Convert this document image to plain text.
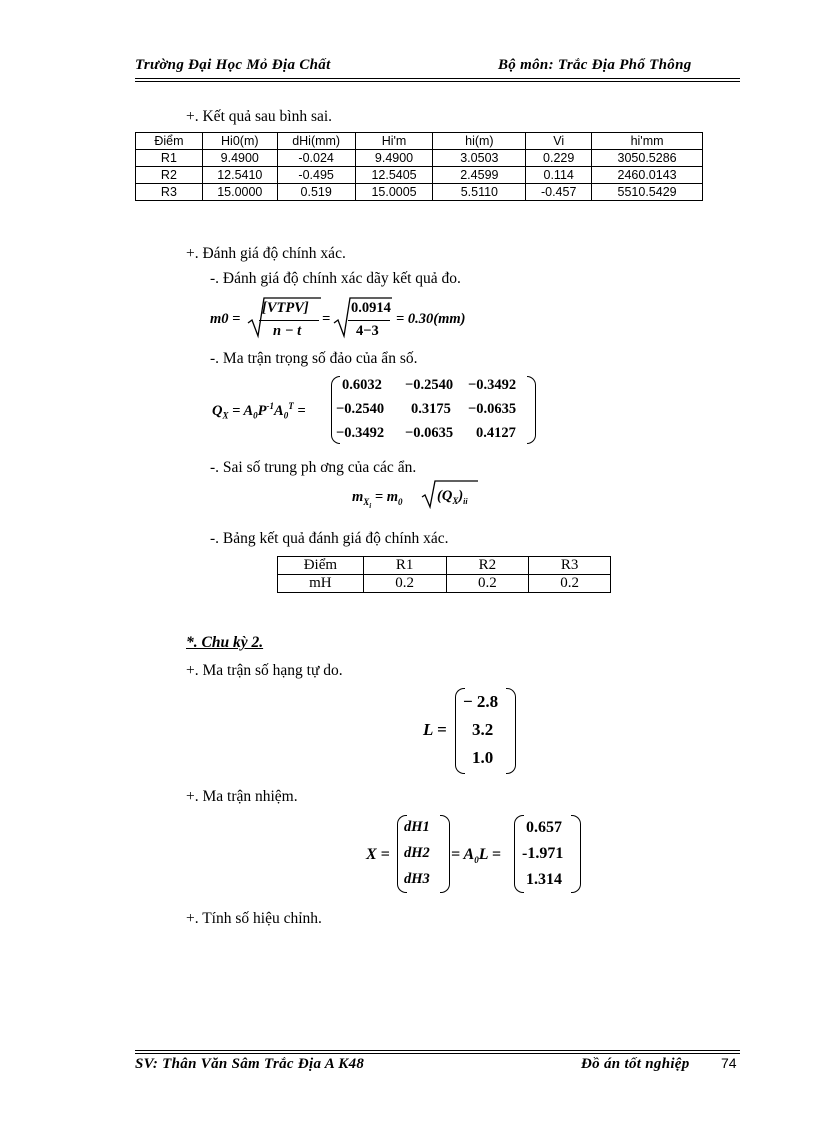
Trường Đại Học Mỏ Địa Chất	Bộ môn: Trắc Địa Phổ Thông
+. Kết quả sau bình sai.
Điểm	Hi0(m)	dHi(mm)	Hi'm	hi(m)	Vi	hi'mm
R1	9.4900	-0.024	9.4900	3.0503	0.229	3050.5286
R2	12.5410	-0.495	12.5405	2.4599	0.114	2460.0143
R3	15.0000	0.519	15.0005	5.5110	-0.457	5510.5429
+. Đánh giá độ chính xác.
-. Đánh giá độ chính xác dãy kết quả đo.
m0 =
[VTPV]
n − t
=
0.0914
4−3
= 0.30(mm)
-. Ma trận trọng số đảo của ẩn số.
$Q_X = A_0P^{-1}A_0^T$ =
0.6032 −0.2540 −0.3492
−0.2540 0.3175 −0.0635
−0.3492 −0.0635 0.4127
-. Sai số trung ph ơng của các ẩn.
$m_{X_i} = m_0$ $(Q_X)_{ii}$
-. Bảng kết quả đánh giá độ chính xác.
Điểm	R1	R2	R3
mH	0.2	0.2	0.2
*. Chu kỳ 2.
+. Ma trận số hạng tự do.
L =
− 2.8
3.2
1.0
+. Ma trận nhiệm.
X =
dH1
dH2
dH3
= $A_0L$ =
0.657
-1.971
1.314
+. Tính số hiệu chỉnh.
SV: Thân Văn Sâm Trắc Địa A K48	Đồ án tốt nghiệp 74
